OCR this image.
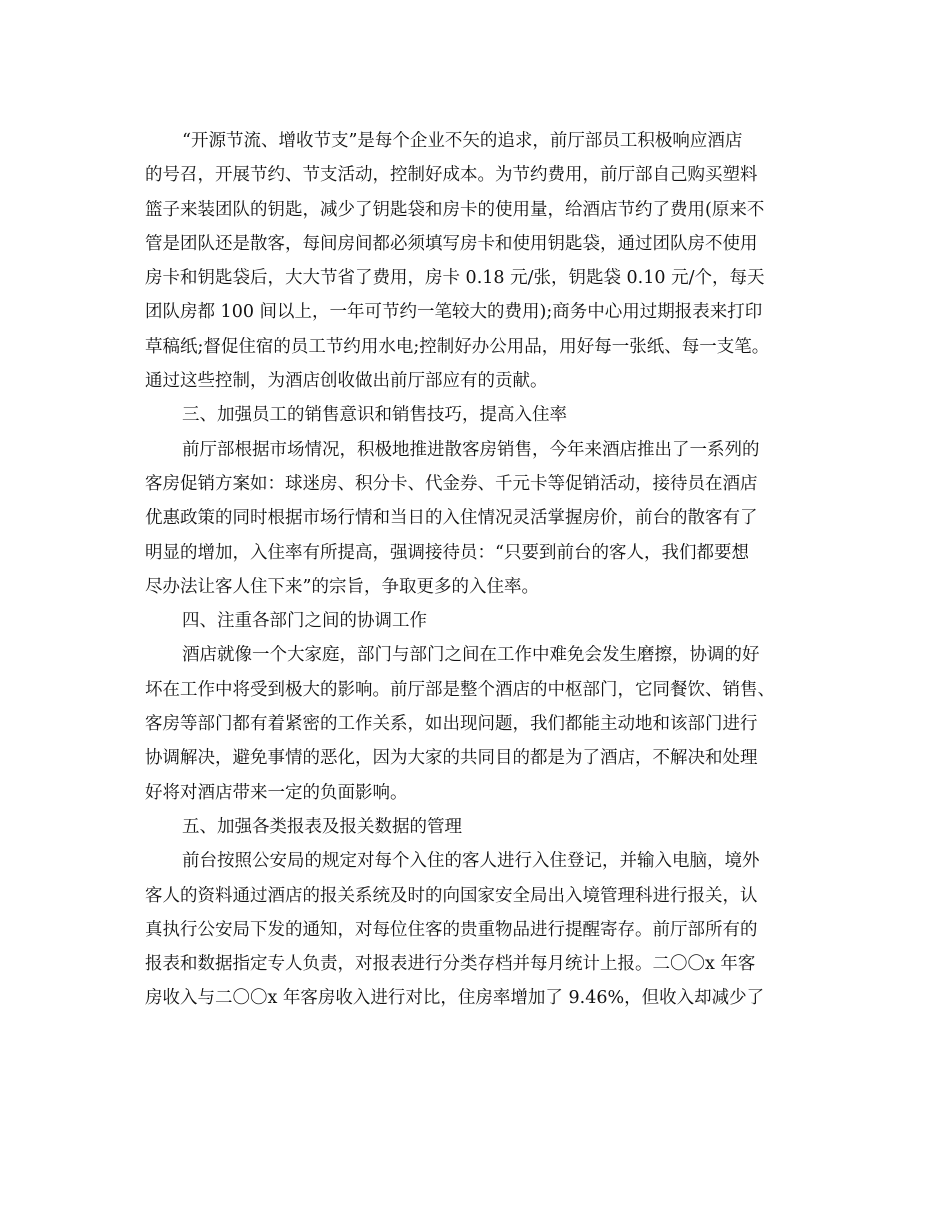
“开源节流、增收节支”是每个企业不矢的追求，前厅部员工积极响应酒店
的号召，开展节约、节支活动，控制好成本。为节约费用，前厅部自己购买塑料
篮子来装团队的钥匙，减少了钥匙袋和房卡的使用量，给酒店节约了费用(原来不
管是团队还是散客，每间房间都必须填写房卡和使用钥匙袋，通过团队房不使用
房卡和钥匙袋后，大大节省了费用，房卡 0.18 元/张，钥匙袋 0.10 元/个，每天
团队房都 100 间以上，一年可节约一笔较大的费用);商务中心用过期报表来打印
草稿纸;督促住宿的员工节约用水电;控制好办公用品，用好每一张纸、每一支笔。
通过这些控制，为酒店创收做出前厅部应有的贡献。
三、加强员工的销售意识和销售技巧，提高入住率
前厅部根据市场情况，积极地推进散客房销售，今年来酒店推出了一系列的
客房促销方案如：球迷房、积分卡、代金券、千元卡等促销活动，接待员在酒店
优惠政策的同时根据市场行情和当日的入住情况灵活掌握房价，前台的散客有了
明显的增加，入住率有所提高，强调接待员：“只要到前台的客人，我们都要想
尽办法让客人住下来”的宗旨，争取更多的入住率。
四、注重各部门之间的协调工作
酒店就像一个大家庭，部门与部门之间在工作中难免会发生磨擦，协调的好
坏在工作中将受到极大的影响。前厅部是整个酒店的中枢部门，它同餐饮、销售、
客房等部门都有着紧密的工作关系，如出现问题，我们都能主动地和该部门进行
协调解决，避免事情的恶化，因为大家的共同目的都是为了酒店，不解决和处理
好将对酒店带来一定的负面影响。
五、加强各类报表及报关数据的管理
前台按照公安局的规定对每个入住的客人进行入住登记，并输入电脑，境外
客人的资料通过酒店的报关系统及时的向国家安全局出入境管理科进行报关，认
真执行公安局下发的通知，对每位住客的贵重物品进行提醒寄存。前厅部所有的
报表和数据指定专人负责，对报表进行分类存档并每月统计上报。二〇〇x 年客
房收入与二〇〇x 年客房收入进行对比，住房率增加了 9.46%，但收入却减少了
